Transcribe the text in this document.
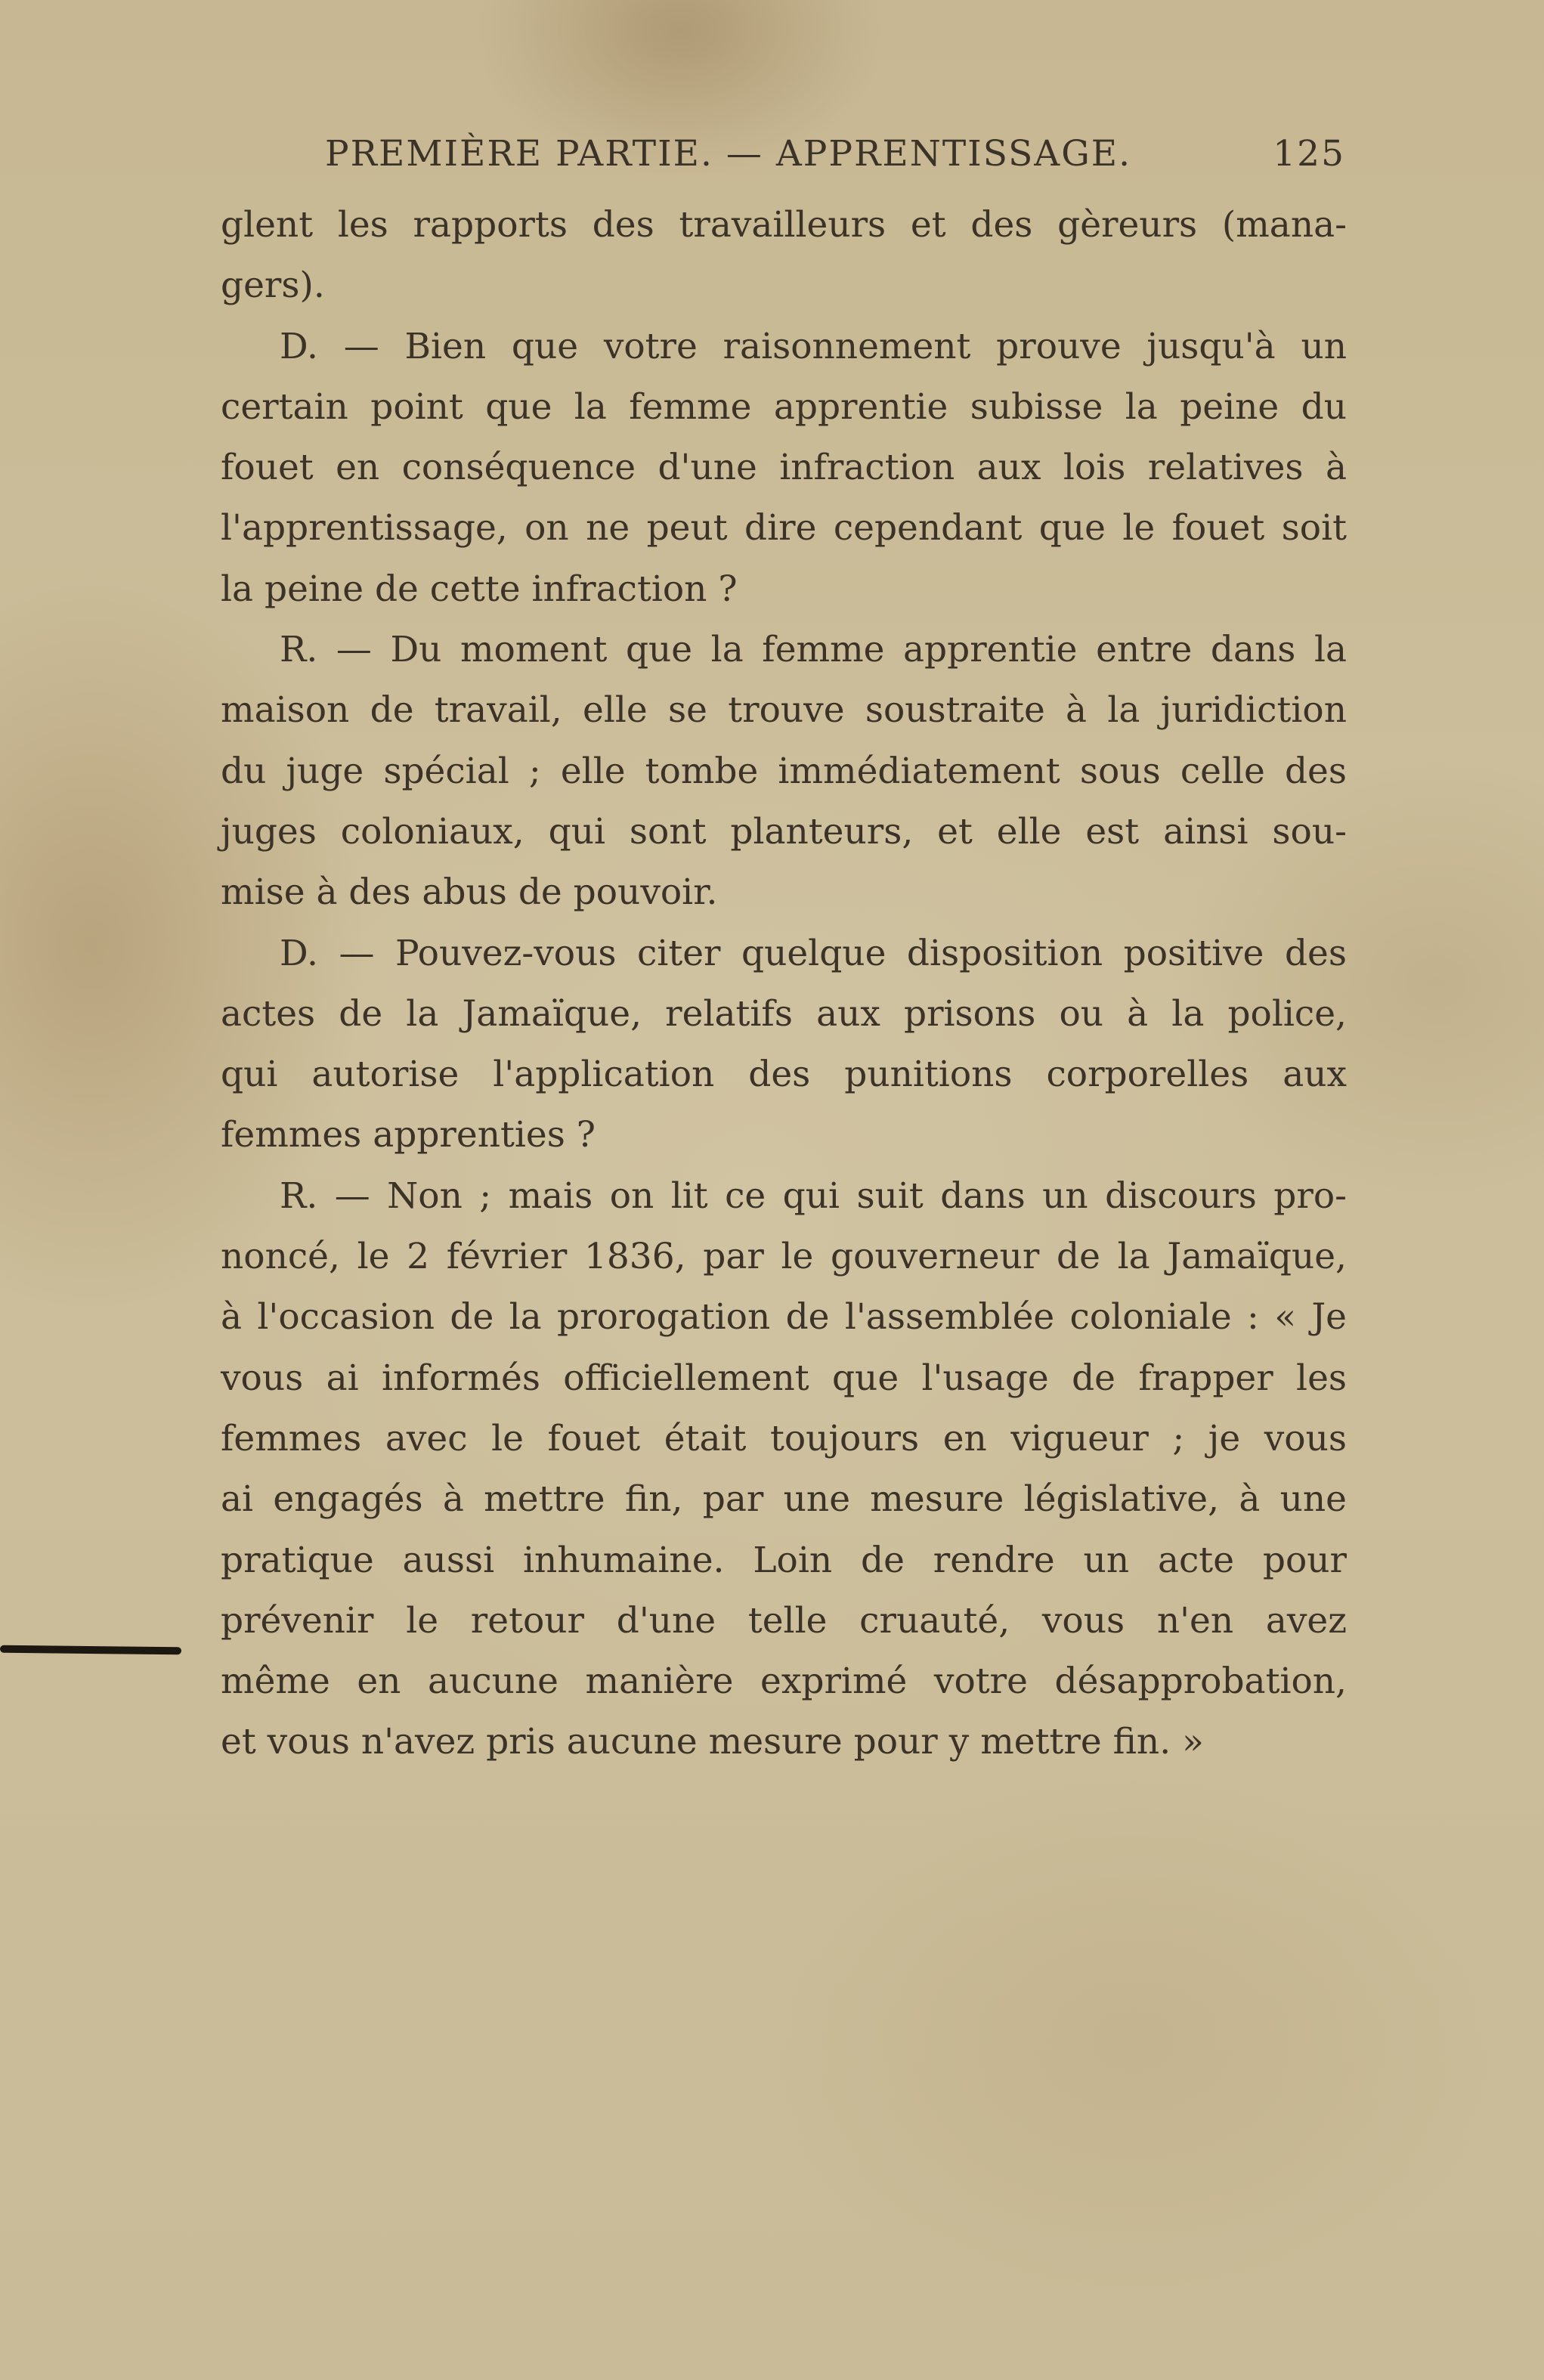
PREMIÈRE PARTIE. — APPRENTISSAGE.	125
glent les rapports des travailleurs et des gèreurs (mana-
gers).
D. — Bien que votre raisonnement prouve jusqu'à un
certain point que la femme apprentie subisse la peine du
fouet en conséquence d'une infraction aux lois relatives à
l'apprentissage, on ne peut dire cependant que le fouet soit
la peine de cette infraction ?
R. — Du moment que la femme apprentie entre dans la
maison de travail, elle se trouve soustraite à la juridiction
du juge spécial ; elle tombe immédiatement sous celle des
juges coloniaux, qui sont planteurs, et elle est ainsi sou-
mise à des abus de pouvoir.
D. — Pouvez-vous citer quelque disposition positive des
actes de la Jamaïque, relatifs aux prisons ou à la police,
qui autorise l'application des punitions corporelles aux
femmes apprenties ?
R. — Non ; mais on lit ce qui suit dans un discours pro-
noncé, le 2 février 1836, par le gouverneur de la Jamaïque,
à l'occasion de la prorogation de l'assemblée coloniale : « Je
vous ai informés officiellement que l'usage de frapper les
femmes avec le fouet était toujours en vigueur ; je vous
ai engagés à mettre fin, par une mesure législative, à une
pratique aussi inhumaine. Loin de rendre un acte pour
prévenir le retour d'une telle cruauté, vous n'en avez
même en aucune manière exprimé votre désapprobation,
et vous n'avez pris aucune mesure pour y mettre fin. »
